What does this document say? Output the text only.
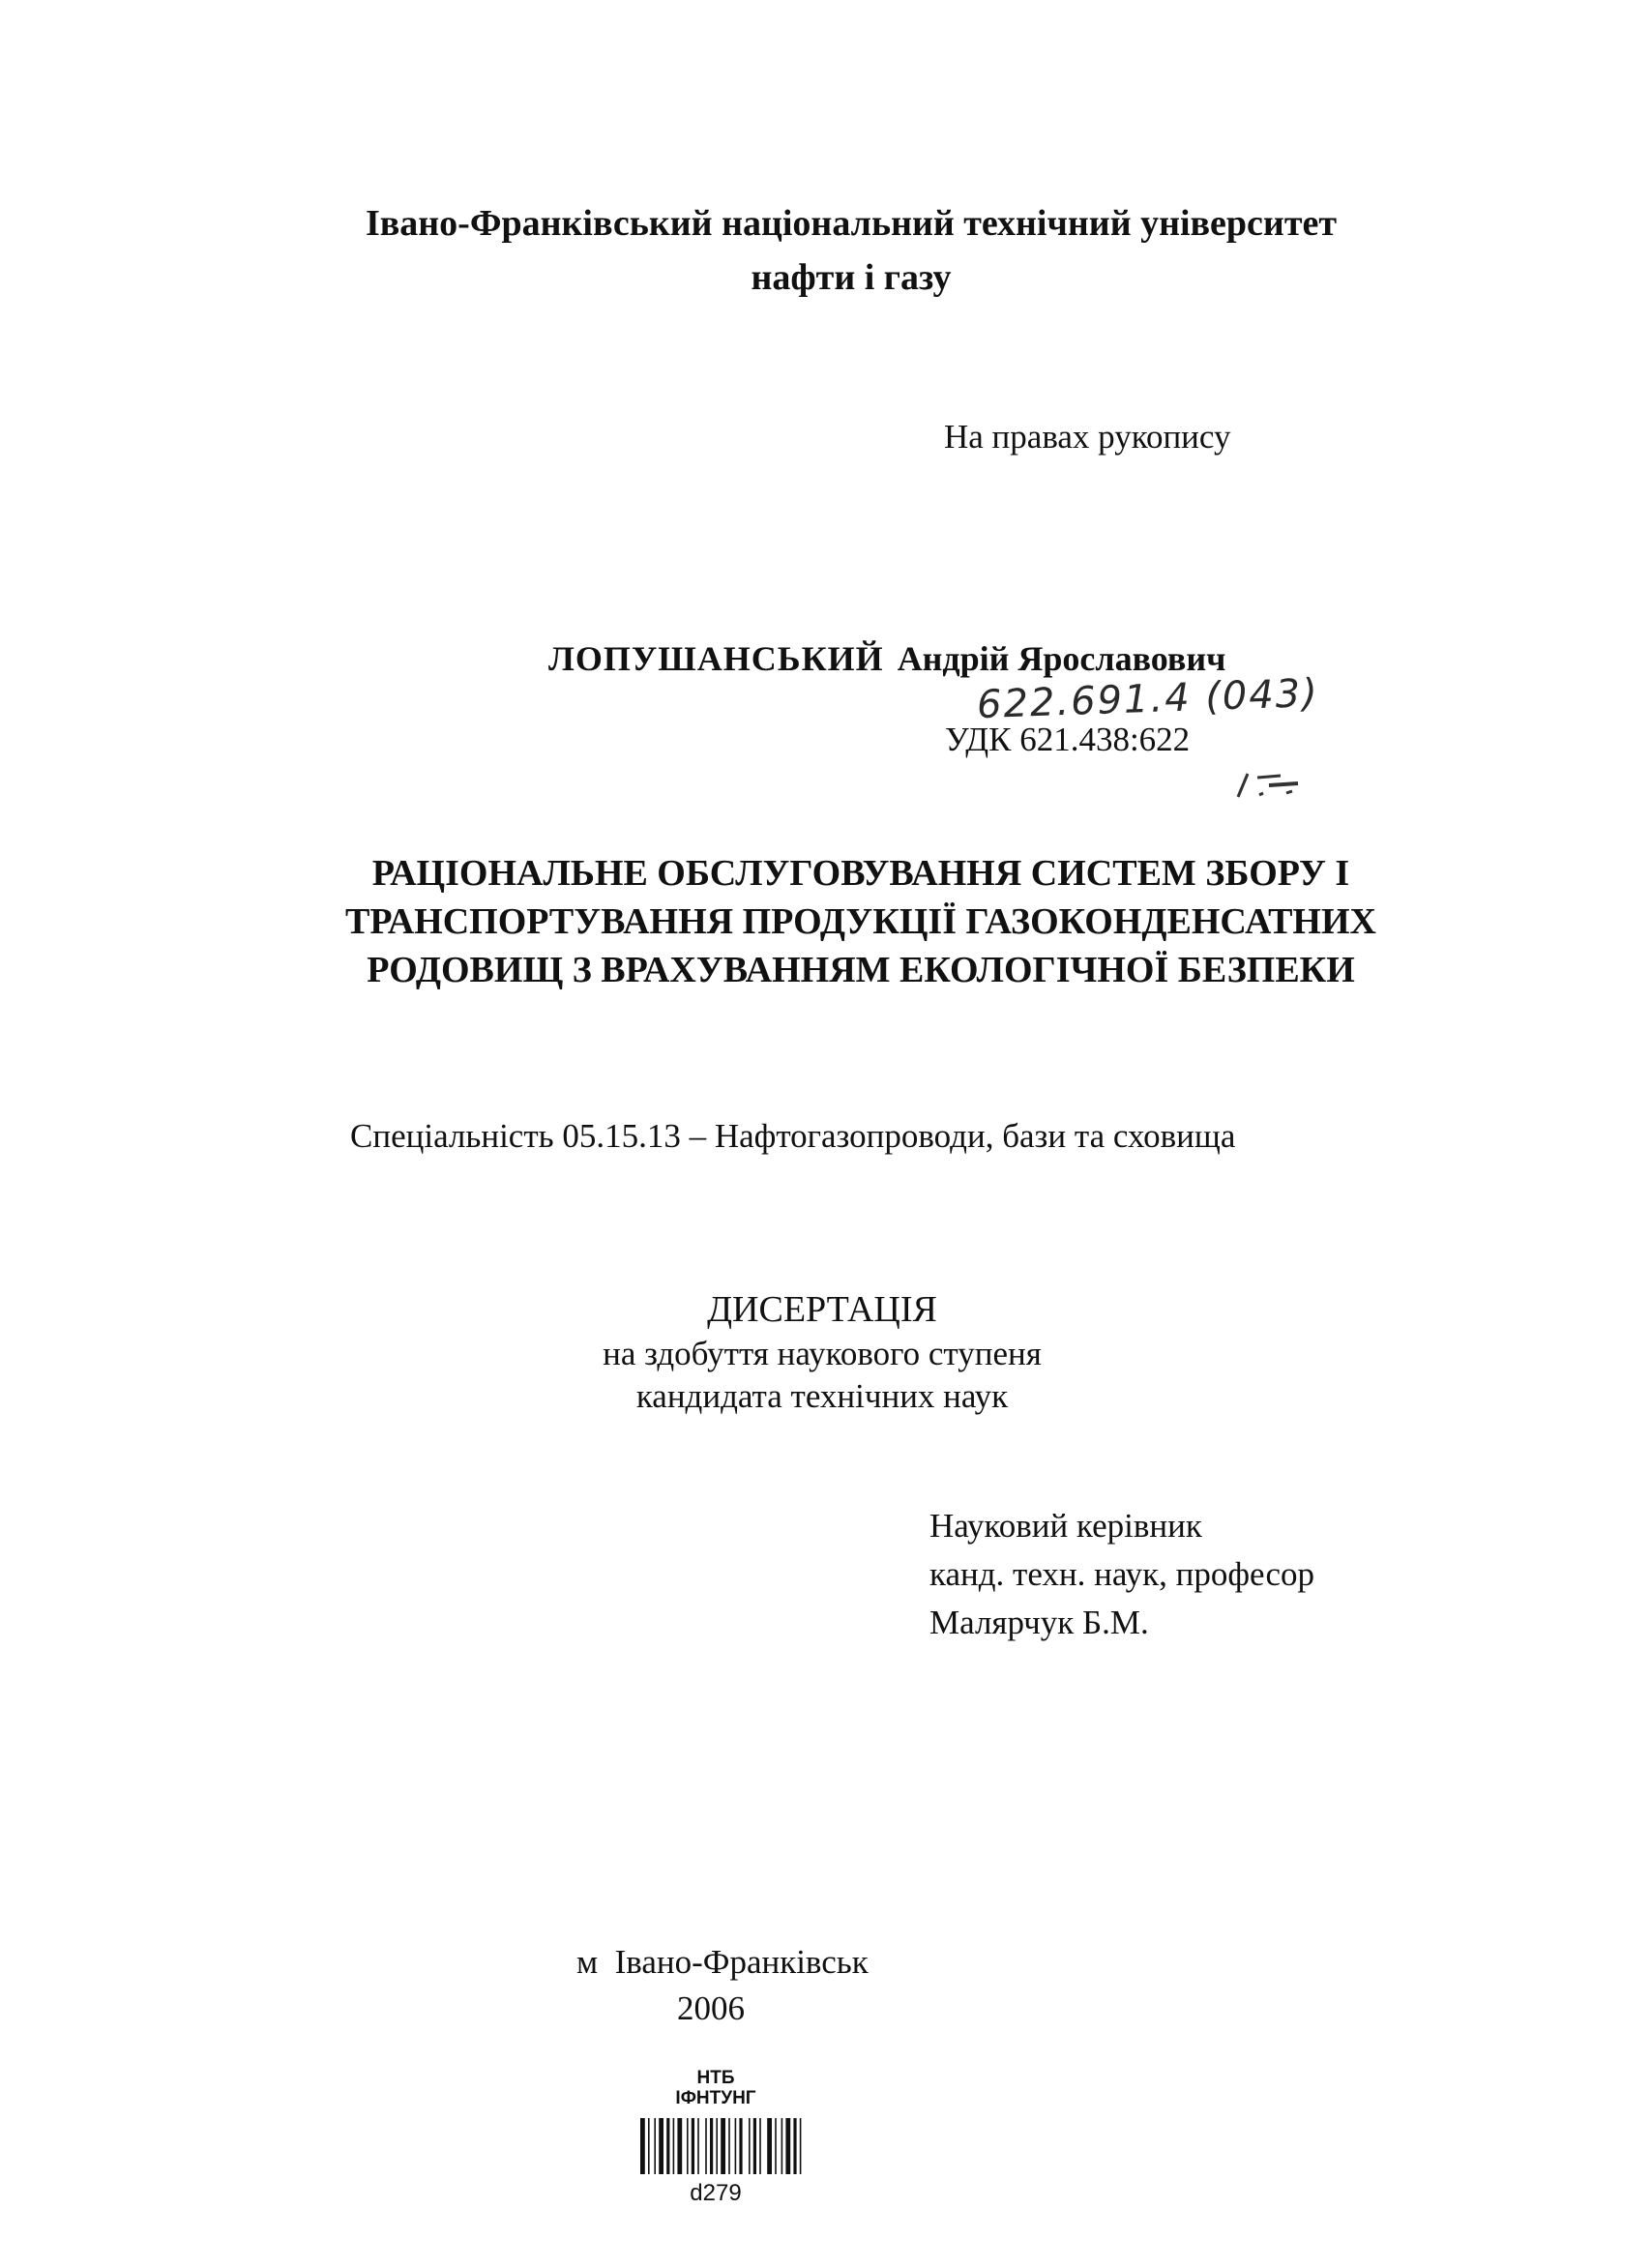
Івано-Франківський національний технічний університет
нафти і газу
На правах рукопису
ЛОПУШАНСЬКИЙ Андрій Ярославович
622.691.4 (043)
УДК 621.438:622
РАЦІОНАЛЬНЕ ОБСЛУГОВУВАННЯ СИСТЕМ ЗБОРУ І
ТРАНСПОРТУВАННЯ ПРОДУКЦІЇ ГАЗОКОНДЕНСАТНИХ
РОДОВИЩ З ВРАХУВАННЯМ ЕКОЛОГІЧНОЇ БЕЗПЕКИ
Спеціальність 05.15.13 – Нафтогазопроводи, бази та сховища
ДИСЕРТАЦІЯ
на здобуття наукового ступеня
кандидата технічних наук
Науковий керівник
канд. техн. наук, професор
Малярчук Б.М.
м  Івано-Франківськ
2006
НТБ
ІФНТУНГ
d279
